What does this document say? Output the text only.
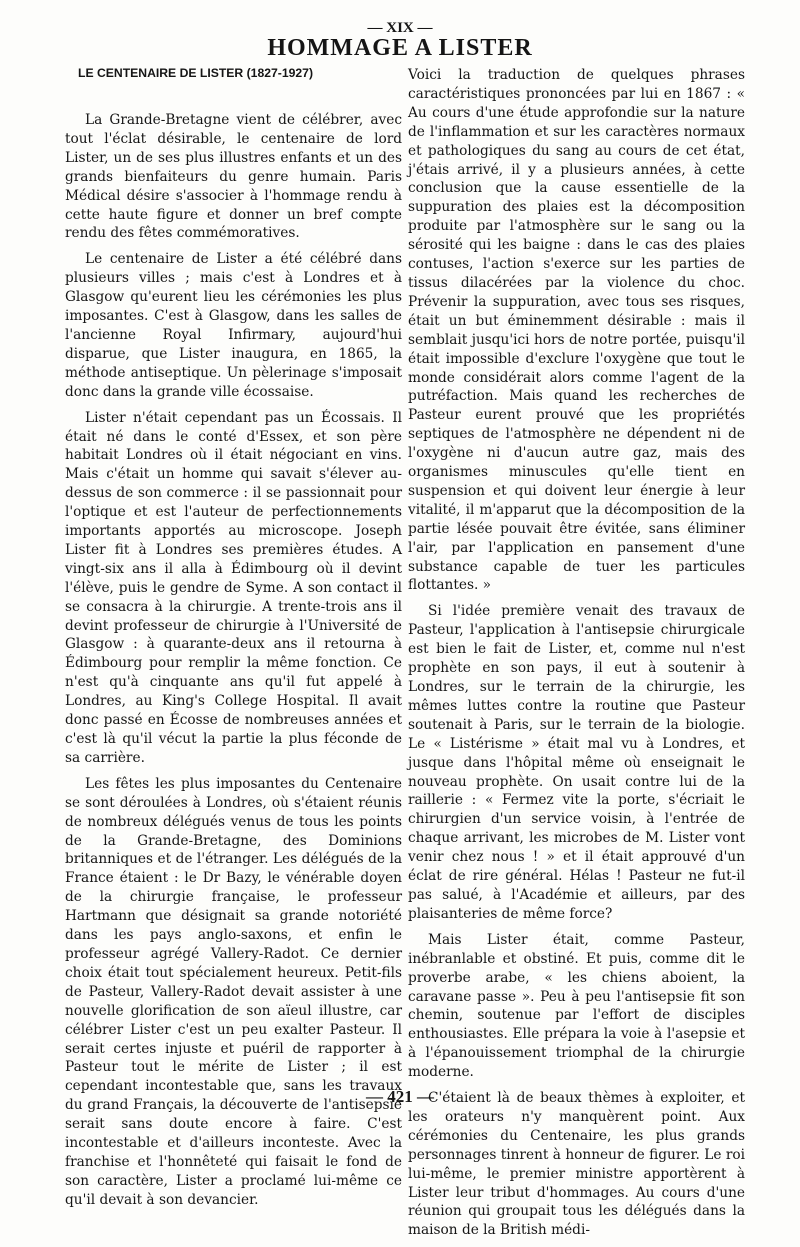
— XIX —
HOMMAGE A LISTER
LE CENTENAIRE DE LISTER (1827-1927)

La Grande-Bretagne vient de célébrer, avec tout l'éclat désirable, le centenaire de lord Lister, un de ses plus illustres enfants et un des grands bienfaiteurs du genre humain. Paris Médical désire s'associer à l'hommage rendu à cette haute figure et donner un bref compte rendu des fêtes commémoratives.

Le centenaire de Lister a été célébré dans plusieurs villes ; mais c'est à Londres et à Glasgow qu'eurent lieu les cérémonies les plus imposantes. C'est à Glasgow, dans les salles de l'ancienne Royal Infirmary, aujourd'hui disparue, que Lister inaugura, en 1865, la méthode antiseptique. Un pèlerinage s'imposait donc dans la grande ville écossaise.

Lister n'était cependant pas un Écossais. Il était né dans le conté d'Essex, et son père habitait Londres où il était négociant en vins. Mais c'était un homme qui savait s'élever au-dessus de son commerce : il se passionnait pour l'optique et est l'auteur de perfectionnements importants apportés au microscope. Joseph Lister fit à Londres ses premières études. A vingt-six ans il alla à Édimbourg où il devint l'élève, puis le gendre de Syme. A son contact il se consacra à la chirurgie. A trente-trois ans il devint professeur de chirurgie à l'Université de Glasgow : à quarante-deux ans il retourna à Édimbourg pour remplir la même fonction. Ce n'est qu'à cinquante ans qu'il fut appelé à Londres, au King's College Hospital. Il avait donc passé en Écosse de nombreuses années et c'est là qu'il vécut la partie la plus féconde de sa carrière.

Les fêtes les plus imposantes du Centenaire se sont déroulées à Londres, où s'étaient réunis de nombreux délégués venus de tous les points de la Grande-Bretagne, des Dominions britanniques et de l'étranger. Les délégués de la France étaient : le Dr Bazy, le vénérable doyen de la chirurgie française, le professeur Hartmann que désignait sa grande notoriété dans les pays anglo-saxons, et enfin le professeur agrégé Vallery-Radot. Ce dernier choix était tout spécialement heureux. Petit-fils de Pasteur, Vallery-Radot devait assister à une nouvelle glorification de son aïeul illustre, car célébrer Lister c'est un peu exalter Pasteur. Il serait certes injuste et puéril de rapporter à Pasteur tout le mérite de Lister ; il est cependant incontestable que, sans les travaux du grand Français, la découverte de l'antisepsie serait sans doute encore à faire. C'est incontestable et d'ailleurs inconteste. Avec la franchise et l'honnêteté qui faisait le fond de son caractère, Lister a proclamé lui-même ce qu'il devait à son devancier.

Voici la traduction de quelques phrases caractéristiques prononcées par lui en 1867 : « Au cours d'une étude approfondie sur la nature de l'inflammation et sur les caractères normaux et pathologiques du sang au cours de cet état, j'étais arrivé, il y a plusieurs années, à cette conclusion que la cause essentielle de la suppuration des plaies est la décomposition produite par l'atmosphère sur le sang ou la sérosité qui les baigne : dans le cas des plaies contuses, l'action s'exerce sur les parties de tissus dilacérées par la violence du choc. Prévenir la suppuration, avec tous ses risques, était un but éminemment désirable : mais il semblait jusqu'ici hors de notre portée, puisqu'il était impossible d'exclure l'oxygène que tout le monde considérait alors comme l'agent de la putréfaction. Mais quand les recherches de Pasteur eurent prouvé que les propriétés septiques de l'atmosphère ne dépendent ni de l'oxygène ni d'aucun autre gaz, mais des organismes minuscules qu'elle tient en suspension et qui doivent leur énergie à leur vitalité, il m'apparut que la décomposition de la partie lésée pouvait être évitée, sans éliminer l'air, par l'application en pansement d'une substance capable de tuer les particules flottantes. »

Si l'idée première venait des travaux de Pasteur, l'application à l'antisepsie chirurgicale est bien le fait de Lister, et, comme nul n'est prophète en son pays, il eut à soutenir à Londres, sur le terrain de la chirurgie, les mêmes luttes contre la routine que Pasteur soutenait à Paris, sur le terrain de la biologie. Le « Listérisme » était mal vu à Londres, et jusque dans l'hôpital même où enseignait le nouveau prophète. On usait contre lui de la raillerie : « Fermez vite la porte, s'écriait le chirurgien d'un service voisin, à l'entrée de chaque arrivant, les microbes de M. Lister vont venir chez nous ! » et il était approuvé d'un éclat de rire général. Hélas ! Pasteur ne fut-il pas salué, à l'Académie et ailleurs, par des plaisanteries de même force?

Mais Lister était, comme Pasteur, inébranlable et obstiné. Et puis, comme dit le proverbe arabe, « les chiens aboient, la caravane passe ». Peu à peu l'antisepsie fit son chemin, soutenue par l'effort de disciples enthousiastes. Elle prépara la voie à l'asepsie et à l'épanouissement triomphal de la chirurgie moderne.

C'étaient là de beaux thèmes à exploiter, et les orateurs n'y manquèrent point. Aux cérémonies du Centenaire, les plus grands personnages tinrent à honneur de figurer. Le roi lui-même, le premier ministre apportèrent à Lister leur tribut d'hommages. Au cours d'une réunion qui groupait tous les délégués dans la maison de la British médi-

— 421 —
